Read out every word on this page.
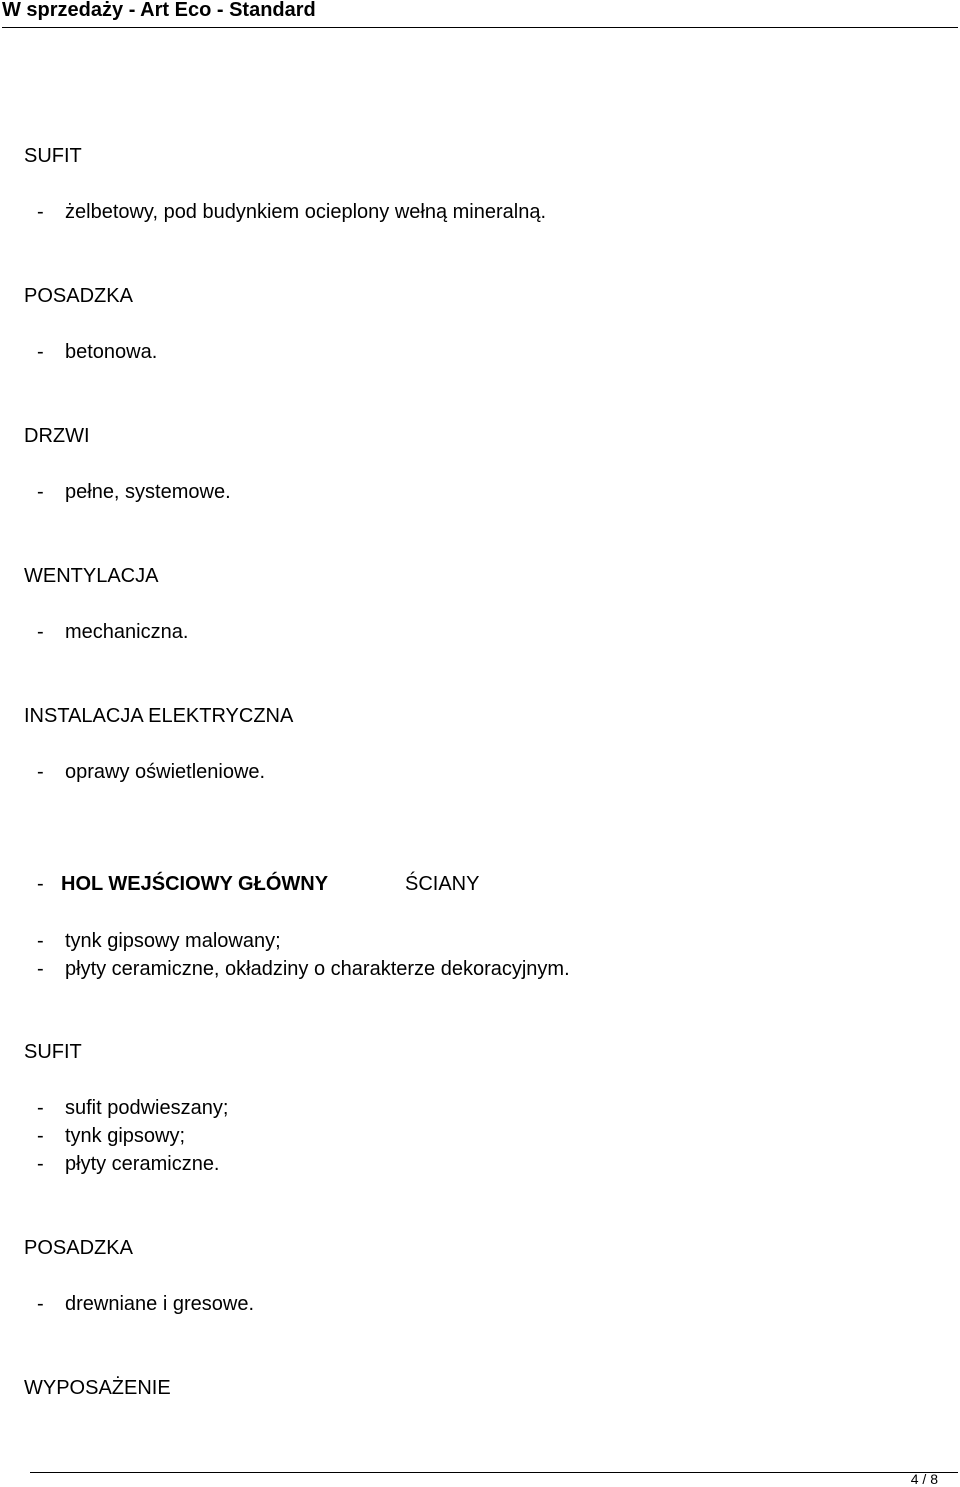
W sprzedaży - Art Eco - Standard
SUFIT
- żelbetowy, pod budynkiem ocieplony wełną mineralną.
POSADZKA
- betonowa.
DRZWI
- pełne, systemowe.
WENTYLACJA
- mechaniczna.
INSTALACJA ELEKTRYCZNA
- oprawy oświetleniowe.
- HOL WEJŚCIOWY GŁÓWNY	ŚCIANY
- tynk gipsowy malowany;
- płyty ceramiczne, okładziny o charakterze dekoracyjnym.
SUFIT
- sufit podwieszany;
- tynk gipsowy;
- płyty ceramiczne.
POSADZKA
- drewniane i gresowe.
WYPOSAŻENIE
4 / 8
